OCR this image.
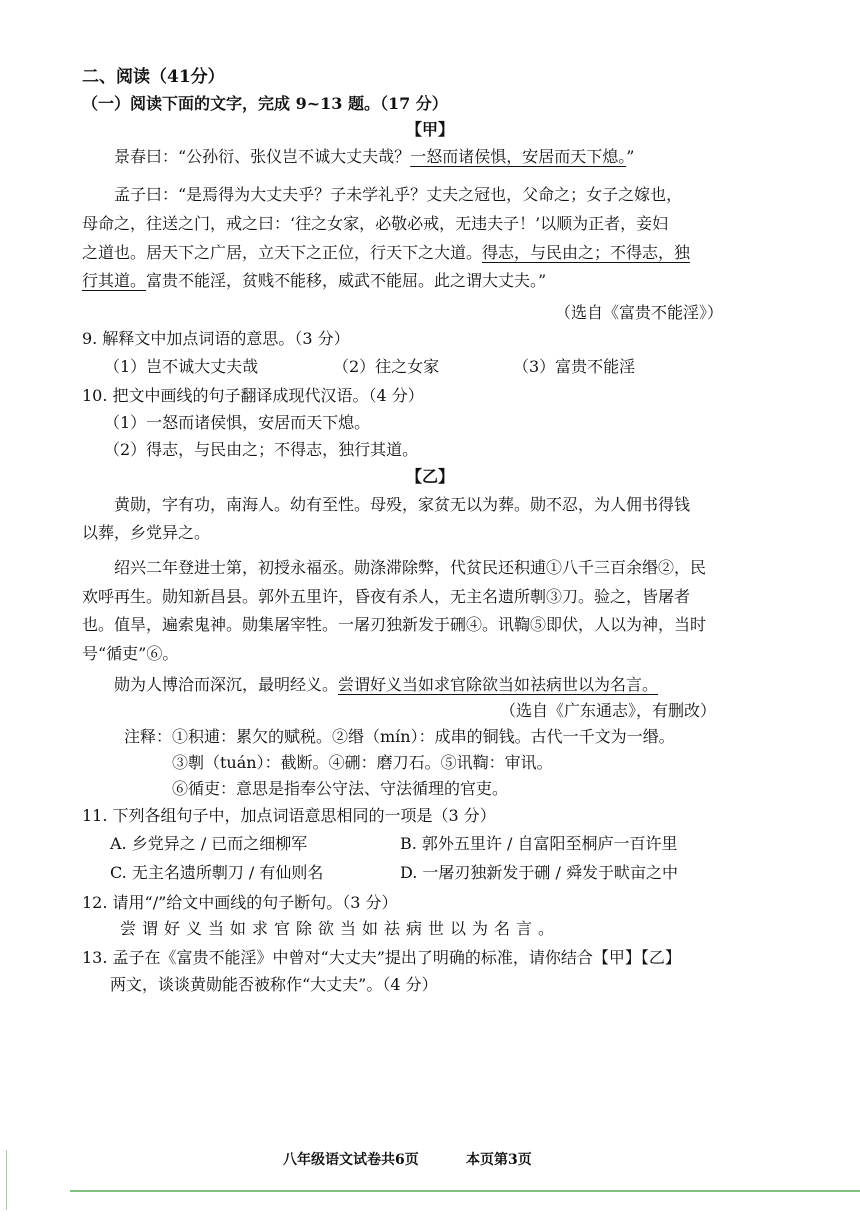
二、阅读（41分）
（一）阅读下面的文字，完成 9~13 题。（17 分）
【甲】
景春曰：“公孙衍、张仪岂不诚大丈夫哉？一怒而诸侯惧，安居而天下熄。”
孟子曰：“是焉得为大丈夫乎？子未学礼乎？丈夫之冠也，父命之；女子之嫁也，
母命之，往送之门，戒之曰：‘往之女家，必敬必戒，无违夫子！’以顺为正者，妾妇
之道也。居天下之广居，立天下之正位，行天下之大道。得志，与民由之；不得志，独
行其道。富贵不能淫，贫贱不能移，威武不能屈。此之谓大丈夫。”
（选自《富贵不能淫》）
9. 解释文中加点词语的意思。（3 分）
（1）岂不诚大丈夫哉	（2）往之女家	（3）富贵不能淫
10. 把文中画线的句子翻译成现代汉语。（4 分）
（1）一怒而诸侯惧，安居而天下熄。
（2）得志，与民由之；不得志，独行其道。
【乙】
黄勋，字有功，南海人。幼有至性。母殁，家贫无以为葬。勋不忍，为人佣书得钱
以葬，乡党异之。
绍兴二年登进士第，初授永福丞。勋涤滞除弊，代贫民还积逋①八千三百余缗②，民
欢呼再生。勋知新昌县。郭外五里许，昏夜有杀人，无主名遗所剸③刀。验之，皆屠者
也。值旱，遍索鬼神。勋集屠宰牲。一屠刃独新发于硎④。讯鞫⑤即伏，人以为神，当时
号“循吏”⑥。
勋为人博洽而深沉，最明经义。尝谓好义当如求官除欲当如祛病世以为名言。
（选自《广东通志》，有删改）
注释：①积逋：累欠的赋税。②缗（mín）：成串的铜钱。古代一千文为一缗。
③剸（tuán）：截断。④硎：磨刀石。⑤讯鞫：审讯。
⑥循吏：意思是指奉公守法、守法循理的官吏。
11. 下列各组句子中，加点词语意思相同的一项是（3 分）
A. 乡党异之 / 已而之细柳军	B. 郭外五里许 / 自富阳至桐庐一百许里
C. 无主名遗所剸刀 / 有仙则名	D. 一屠刃独新发于硎 / 舜发于畎亩之中
12. 请用“/”给文中画线的句子断句。（3 分）
尝谓好义当如求官除欲当如祛病世以为名言。
13. 孟子在《富贵不能淫》中曾对“大丈夫”提出了明确的标准，请你结合【甲】【乙】
两文，谈谈黄勋能否被称作“大丈夫”。（4 分）
八年级语文试卷共6页	本页第3页
